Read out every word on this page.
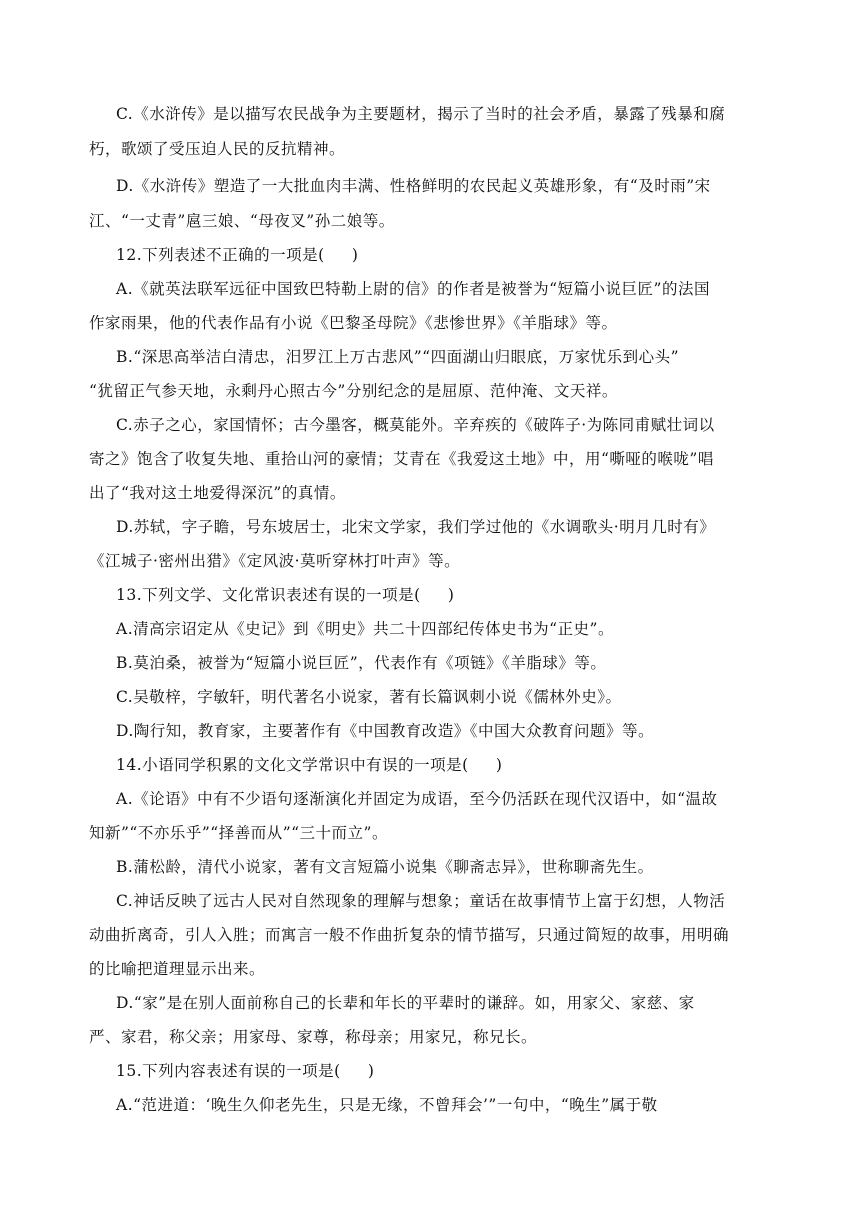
C.《水浒传》是以描写农民战争为主要题材，揭示了当时的社会矛盾，暴露了残暴和腐
朽，歌颂了受压迫人民的反抗精神。
D.《水浒传》塑造了一大批血肉丰满、性格鲜明的农民起义英雄形象，有“及时雨”宋
江、“一丈青”扈三娘、“母夜叉”孙二娘等。
12.下列表述不正确的一项是(     )
A.《就英法联军远征中国致巴特勒上尉的信》的作者是被誉为“短篇小说巨匠”的法国
作家雨果，他的代表作品有小说《巴黎圣母院》《悲惨世界》《羊脂球》等。
B.“深思高举洁白清忠，汨罗江上万古悲风”“四面湖山归眼底，万家忧乐到心头”
“犹留正气参天地，永剩丹心照古今”分别纪念的是屈原、范仲淹、文天祥。
C.赤子之心，家国情怀；古今墨客，概莫能外。辛弃疾的《破阵子·为陈同甫赋壮词以
寄之》饱含了收复失地、重拾山河的豪情；艾青在《我爱这土地》中，用“嘶哑的喉咙”唱
出了“我对这土地爱得深沉”的真情。
D.苏轼，字子瞻，号东坡居士，北宋文学家，我们学过他的《水调歌头·明月几时有》
《江城子·密州出猎》《定风波·莫听穿林打叶声》等。
13.下列文学、文化常识表述有误的一项是(     )
A.清高宗诏定从《史记》到《明史》共二十四部纪传体史书为“正史”。
B.莫泊桑，被誉为“短篇小说巨匠”，代表作有《项链》《羊脂球》等。
C.吴敬梓，字敏轩，明代著名小说家，著有长篇讽刺小说《儒林外史》。
D.陶行知，教育家，主要著作有《中国教育改造》《中国大众教育问题》等。
14.小语同学积累的文化文学常识中有误的一项是(     )
A.《论语》中有不少语句逐渐演化并固定为成语，至今仍活跃在现代汉语中，如“温故
知新”“不亦乐乎”“择善而从”“三十而立”。
B.蒲松龄，清代小说家，著有文言短篇小说集《聊斋志异》，世称聊斋先生。
C.神话反映了远古人民对自然现象的理解与想象；童话在故事情节上富于幻想，人物活
动曲折离奇，引人入胜；而寓言一般不作曲折复杂的情节描写，只通过简短的故事，用明确
的比喻把道理显示出来。
D.“家”是在别人面前称自己的长辈和年长的平辈时的谦辞。如，用家父、家慈、家
严、家君，称父亲；用家母、家尊，称母亲；用家兄，称兄长。
15.下列内容表述有误的一项是(     )
A.“范进道：‘晚生久仰老先生，只是无缘，不曾拜会’”一句中，“晚生”属于敬
